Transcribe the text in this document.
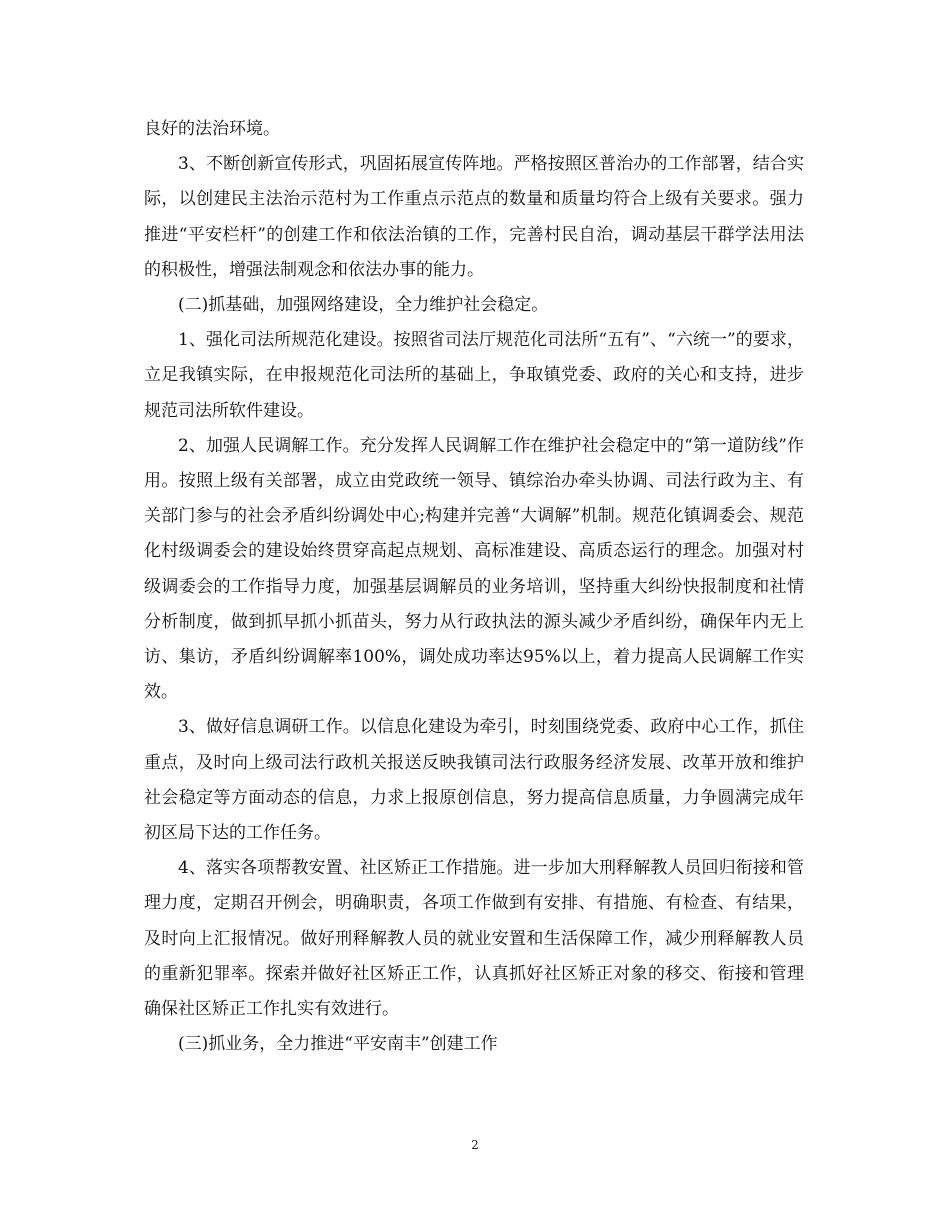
良好的法治环境。

3、不断创新宣传形式，巩固拓展宣传阵地。严格按照区普治办的工作部署，结合实际，以创建民主法治示范村为工作重点示范点的数量和质量均符合上级有关要求。强力推进“平安栏杆”的创建工作和依法治镇的工作，完善村民自治，调动基层干群学法用法的积极性，增强法制观念和依法办事的能力。

(二)抓基础，加强网络建设，全力维护社会稳定。

1、强化司法所规范化建设。按照省司法厅规范化司法所“五有”、“六统一”的要求，立足我镇实际，在申报规范化司法所的基础上，争取镇党委、政府的关心和支持，进步规范司法所软件建设。

2、加强人民调解工作。充分发挥人民调解工作在维护社会稳定中的“第一道防线”作用。按照上级有关部署，成立由党政统一领导、镇综治办牵头协调、司法行政为主、有关部门参与的社会矛盾纠纷调处中心;构建并完善“大调解”机制。规范化镇调委会、规范化村级调委会的建设始终贯穿高起点规划、高标准建设、高质态运行的理念。加强对村级调委会的工作指导力度，加强基层调解员的业务培训，坚持重大纠纷快报制度和社情分析制度，做到抓早抓小抓苗头，努力从行政执法的源头减少矛盾纠纷，确保年内无上访、集访，矛盾纠纷调解率100%，调处成功率达95%以上，着力提高人民调解工作实效。

3、做好信息调研工作。以信息化建设为牵引，时刻围绕党委、政府中心工作，抓住重点，及时向上级司法行政机关报送反映我镇司法行政服务经济发展、改革开放和维护社会稳定等方面动态的信息，力求上报原创信息，努力提高信息质量，力争圆满完成年初区局下达的工作任务。

4、落实各项帮教安置、社区矫正工作措施。进一步加大刑释解教人员回归衔接和管理力度，定期召开例会，明确职责，各项工作做到有安排、有措施、有检查、有结果，及时向上汇报情况。做好刑释解教人员的就业安置和生活保障工作，减少刑释解教人员的重新犯罪率。探索并做好社区矫正工作，认真抓好社区矫正对象的移交、衔接和管理确保社区矫正工作扎实有效进行。

(三)抓业务，全力推进“平安南丰”创建工作

2
